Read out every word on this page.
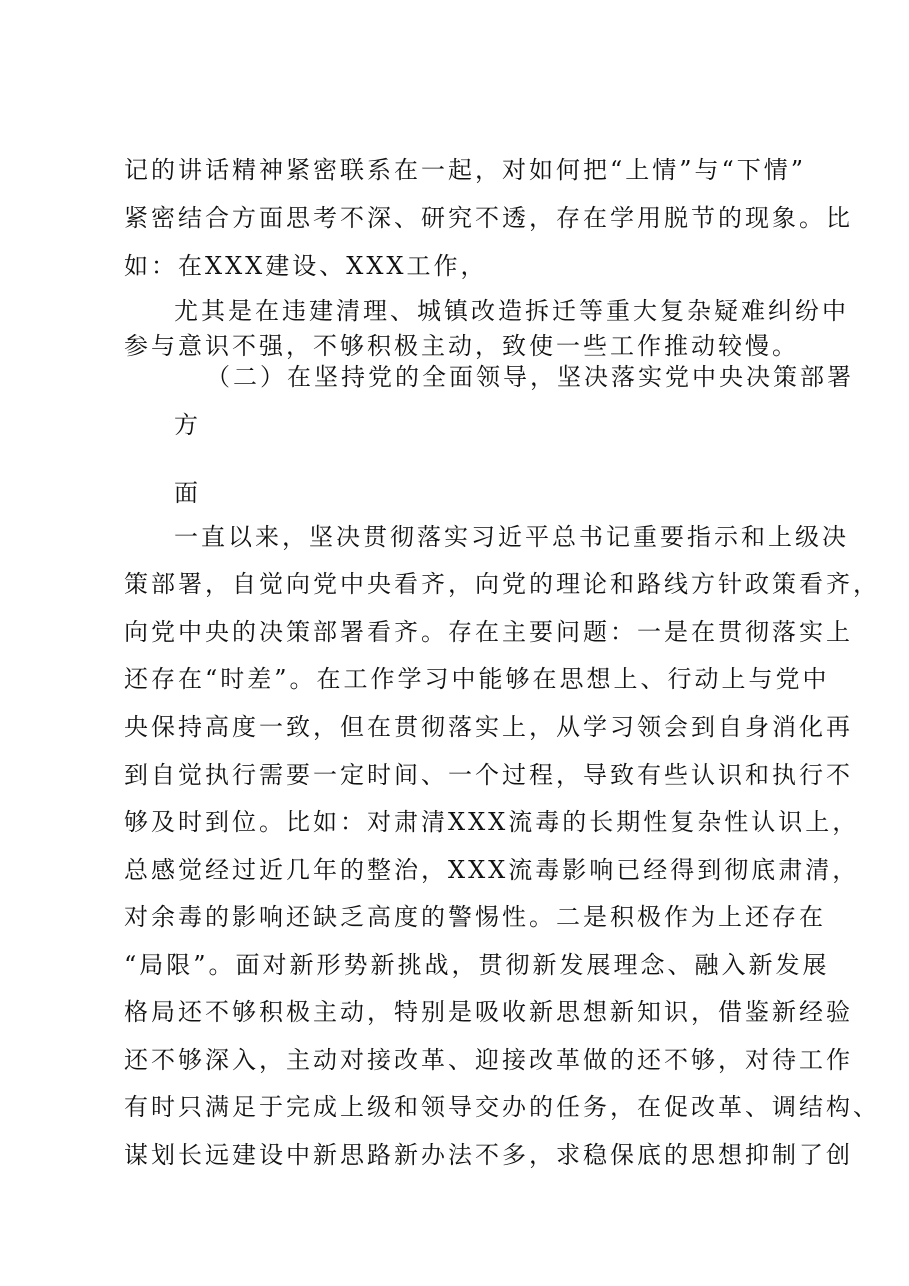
记的讲话精神紧密联系在一起，对如何把“上情”与“下情”
紧密结合方面思考不深、研究不透，存在学用脱节的现象。比
如：在XXX建设、XXX工作，
尤其是在违建清理、城镇改造拆迁等重大复杂疑难纠纷中
参与意识不强，不够积极主动，致使一些工作推动较慢。
（二）在坚持党的全面领导，坚决落实党中央决策部署
方
面
一直以来，坚决贯彻落实习近平总书记重要指示和上级决
策部署，自觉向党中央看齐，向党的理论和路线方针政策看齐，
向党中央的决策部署看齐。存在主要问题：一是在贯彻落实上
还存在“时差”。在工作学习中能够在思想上、行动上与党中
央保持高度一致，但在贯彻落实上，从学习领会到自身消化再
到自觉执行需要一定时间、一个过程，导致有些认识和执行不
够及时到位。比如：对肃清XXX流毒的长期性复杂性认识上，
总感觉经过近几年的整治，XXX流毒影响已经得到彻底肃清，
对余毒的影响还缺乏高度的警惕性。二是积极作为上还存在
“局限”。面对新形势新挑战，贯彻新发展理念、融入新发展
格局还不够积极主动，特别是吸收新思想新知识，借鉴新经验
还不够深入，主动对接改革、迎接改革做的还不够，对待工作
有时只满足于完成上级和领导交办的任务，在促改革、调结构、
谋划长远建设中新思路新办法不多，求稳保底的思想抑制了创
